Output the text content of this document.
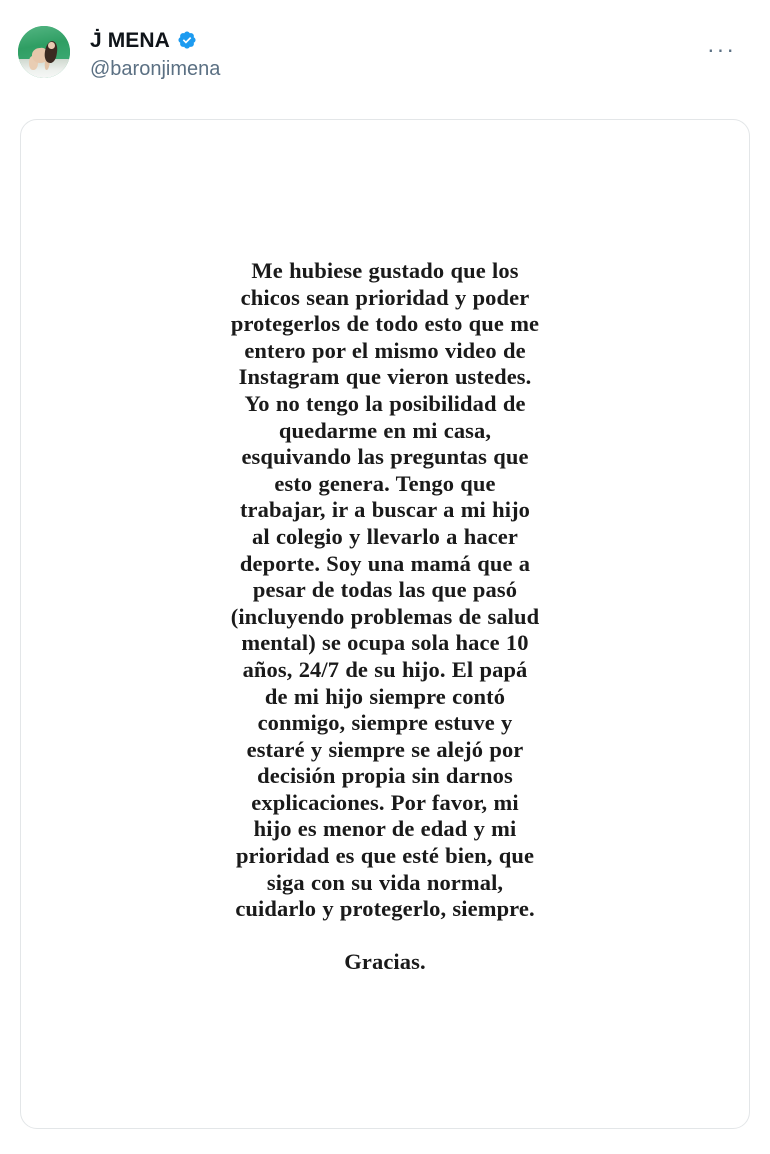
J̇ MENA
@baronjimena
···

Me hubiese gustado que los chicos sean prioridad y poder protegerlos de todo esto que me entero por el mismo video de Instagram que vieron ustedes.

Yo no tengo la posibilidad de quedarme en mi casa, esquivando las preguntas que esto genera. Tengo que trabajar, ir a buscar a mi hijo al colegio y llevarlo a hacer deporte. Soy una mamá que a pesar de todas las que pasó (incluyendo problemas de salud mental) se ocupa sola hace 10 años, 24/7 de su hijo. El papá de mi hijo siempre contó conmigo, siempre estuve y estaré y siempre se alejó por decisión propia sin darnos explicaciones. Por favor, mi hijo es menor de edad y mi prioridad es que esté bien, que siga con su vida normal, cuidarlo y protegerlo, siempre.

Gracias.
